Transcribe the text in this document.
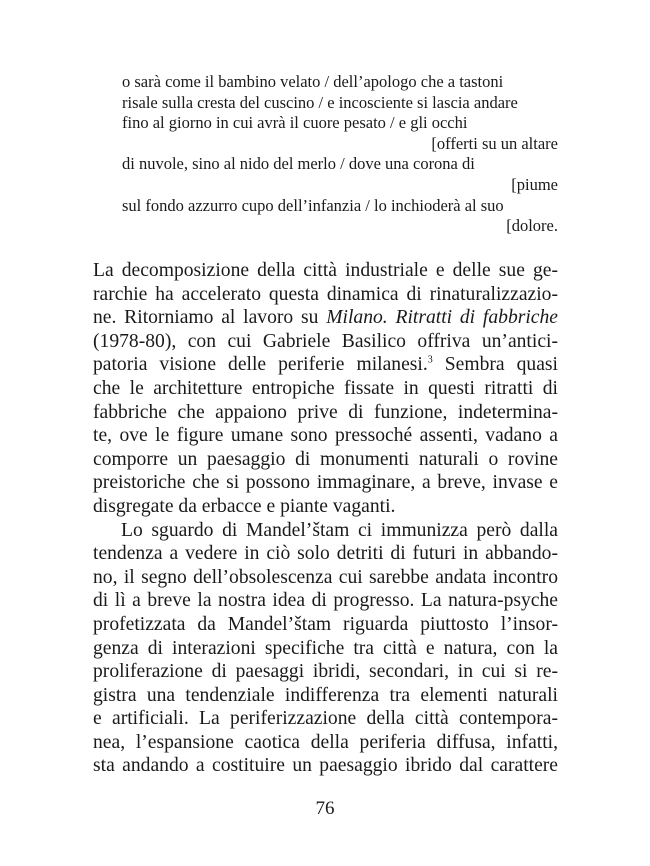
o sarà come il bambino velato / dell’apologo che a tastoni
risale sulla cresta del cuscino / e incosciente si lascia andare
fino al giorno in cui avrà il cuore pesato / e gli occhi
[offerti su un altare
di nuvole, sino al nido del merlo / dove una corona di
[piume
sul fondo azzurro cupo dell’infanzia / lo inchioderà al suo
[dolore.
La decomposizione della città industriale e delle sue ge-
rarchie ha accelerato questa dinamica di rinaturalizzazio-
ne. Ritorniamo al lavoro su Milano. Ritratti di fabbriche
(1978-80), con cui Gabriele Basilico offriva un’antici-
patoria visione delle periferie milanesi.$^3$ Sembra quasi
che le architetture entropiche fissate in questi ritratti di
fabbriche che appaiono prive di funzione, indetermina-
te, ove le figure umane sono pressoché assenti, vadano a
comporre un paesaggio di monumenti naturali o rovine
preistoriche che si possono immaginare, a breve, invase e
disgregate da erbacce e piante vaganti.
Lo sguardo di Mandel’štam ci immunizza però dalla
tendenza a vedere in ciò solo detriti di futuri in abbando-
no, il segno dell’obsolescenza cui sarebbe andata incontro
di lì a breve la nostra idea di progresso. La natura-psyche
profetizzata da Mandel’štam riguarda piuttosto l’insor-
genza di interazioni specifiche tra città e natura, con la
proliferazione di paesaggi ibridi, secondari, in cui si re-
gistra una tendenziale indifferenza tra elementi naturali
e artificiali. La periferizzazione della città contempora-
nea, l’espansione caotica della periferia diffusa, infatti,
sta andando a costituire un paesaggio ibrido dal carattere
76
